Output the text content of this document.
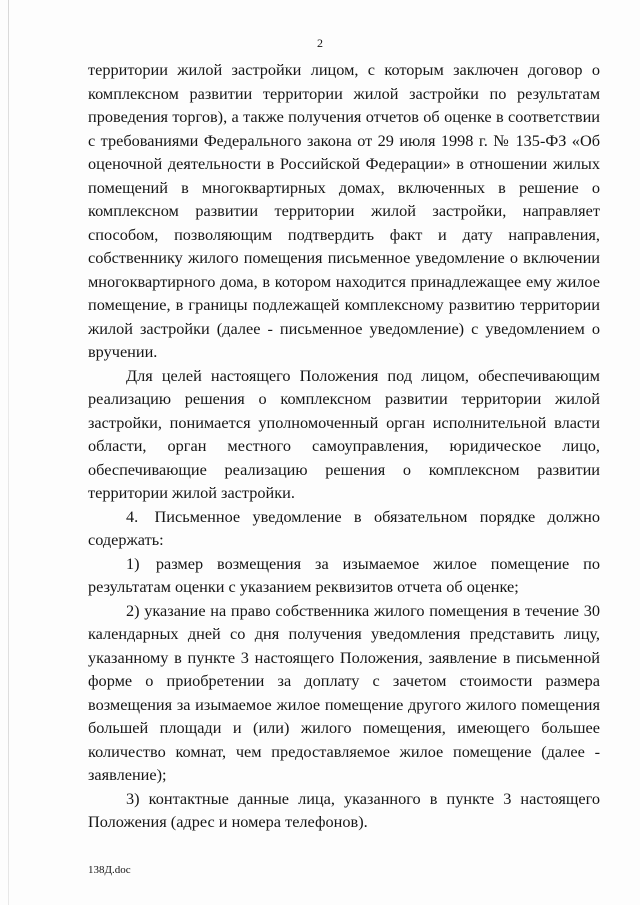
2

территории жилой застройки лицом, с которым заключен договор о комплексном развитии территории жилой застройки по результатам проведения торгов), а также получения отчетов об оценке в соответствии с требованиями Федерального закона от 29 июля 1998 г. № 135-ФЗ «Об оценочной деятельности в Российской Федерации» в отношении жилых помещений в многоквартирных домах, включенных в решение о комплексном развитии территории жилой застройки, направляет способом, позволяющим подтвердить факт и дату направления, собственнику жилого помещения письменное уведомление о включении многоквартирного дома, в котором находится принадлежащее ему жилое помещение, в границы подлежащей комплексному развитию территории жилой застройки (далее - письменное уведомление) с уведомлением о вручении.

Для целей настоящего Положения под лицом, обеспечивающим реализацию решения о комплексном развитии территории жилой застройки, понимается уполномоченный орган исполнительной власти области, орган местного самоуправления, юридическое лицо, обеспечивающие реализацию решения о комплексном развитии территории жилой застройки.

4. Письменное уведомление в обязательном порядке должно содержать:

1) размер возмещения за изымаемое жилое помещение по результатам оценки с указанием реквизитов отчета об оценке;

2) указание на право собственника жилого помещения в течение 30 календарных дней со дня получения уведомления представить лицу, указанному в пункте 3 настоящего Положения, заявление в письменной форме о приобретении за доплату с зачетом стоимости размера возмещения за изымаемое жилое помещение другого жилого помещения большей площади и (или) жилого помещения, имеющего большее количество комнат, чем предоставляемое жилое помещение (далее - заявление);

3) контактные данные лица, указанного в пункте 3 настоящего Положения (адрес и номера телефонов).

138Д.doc
